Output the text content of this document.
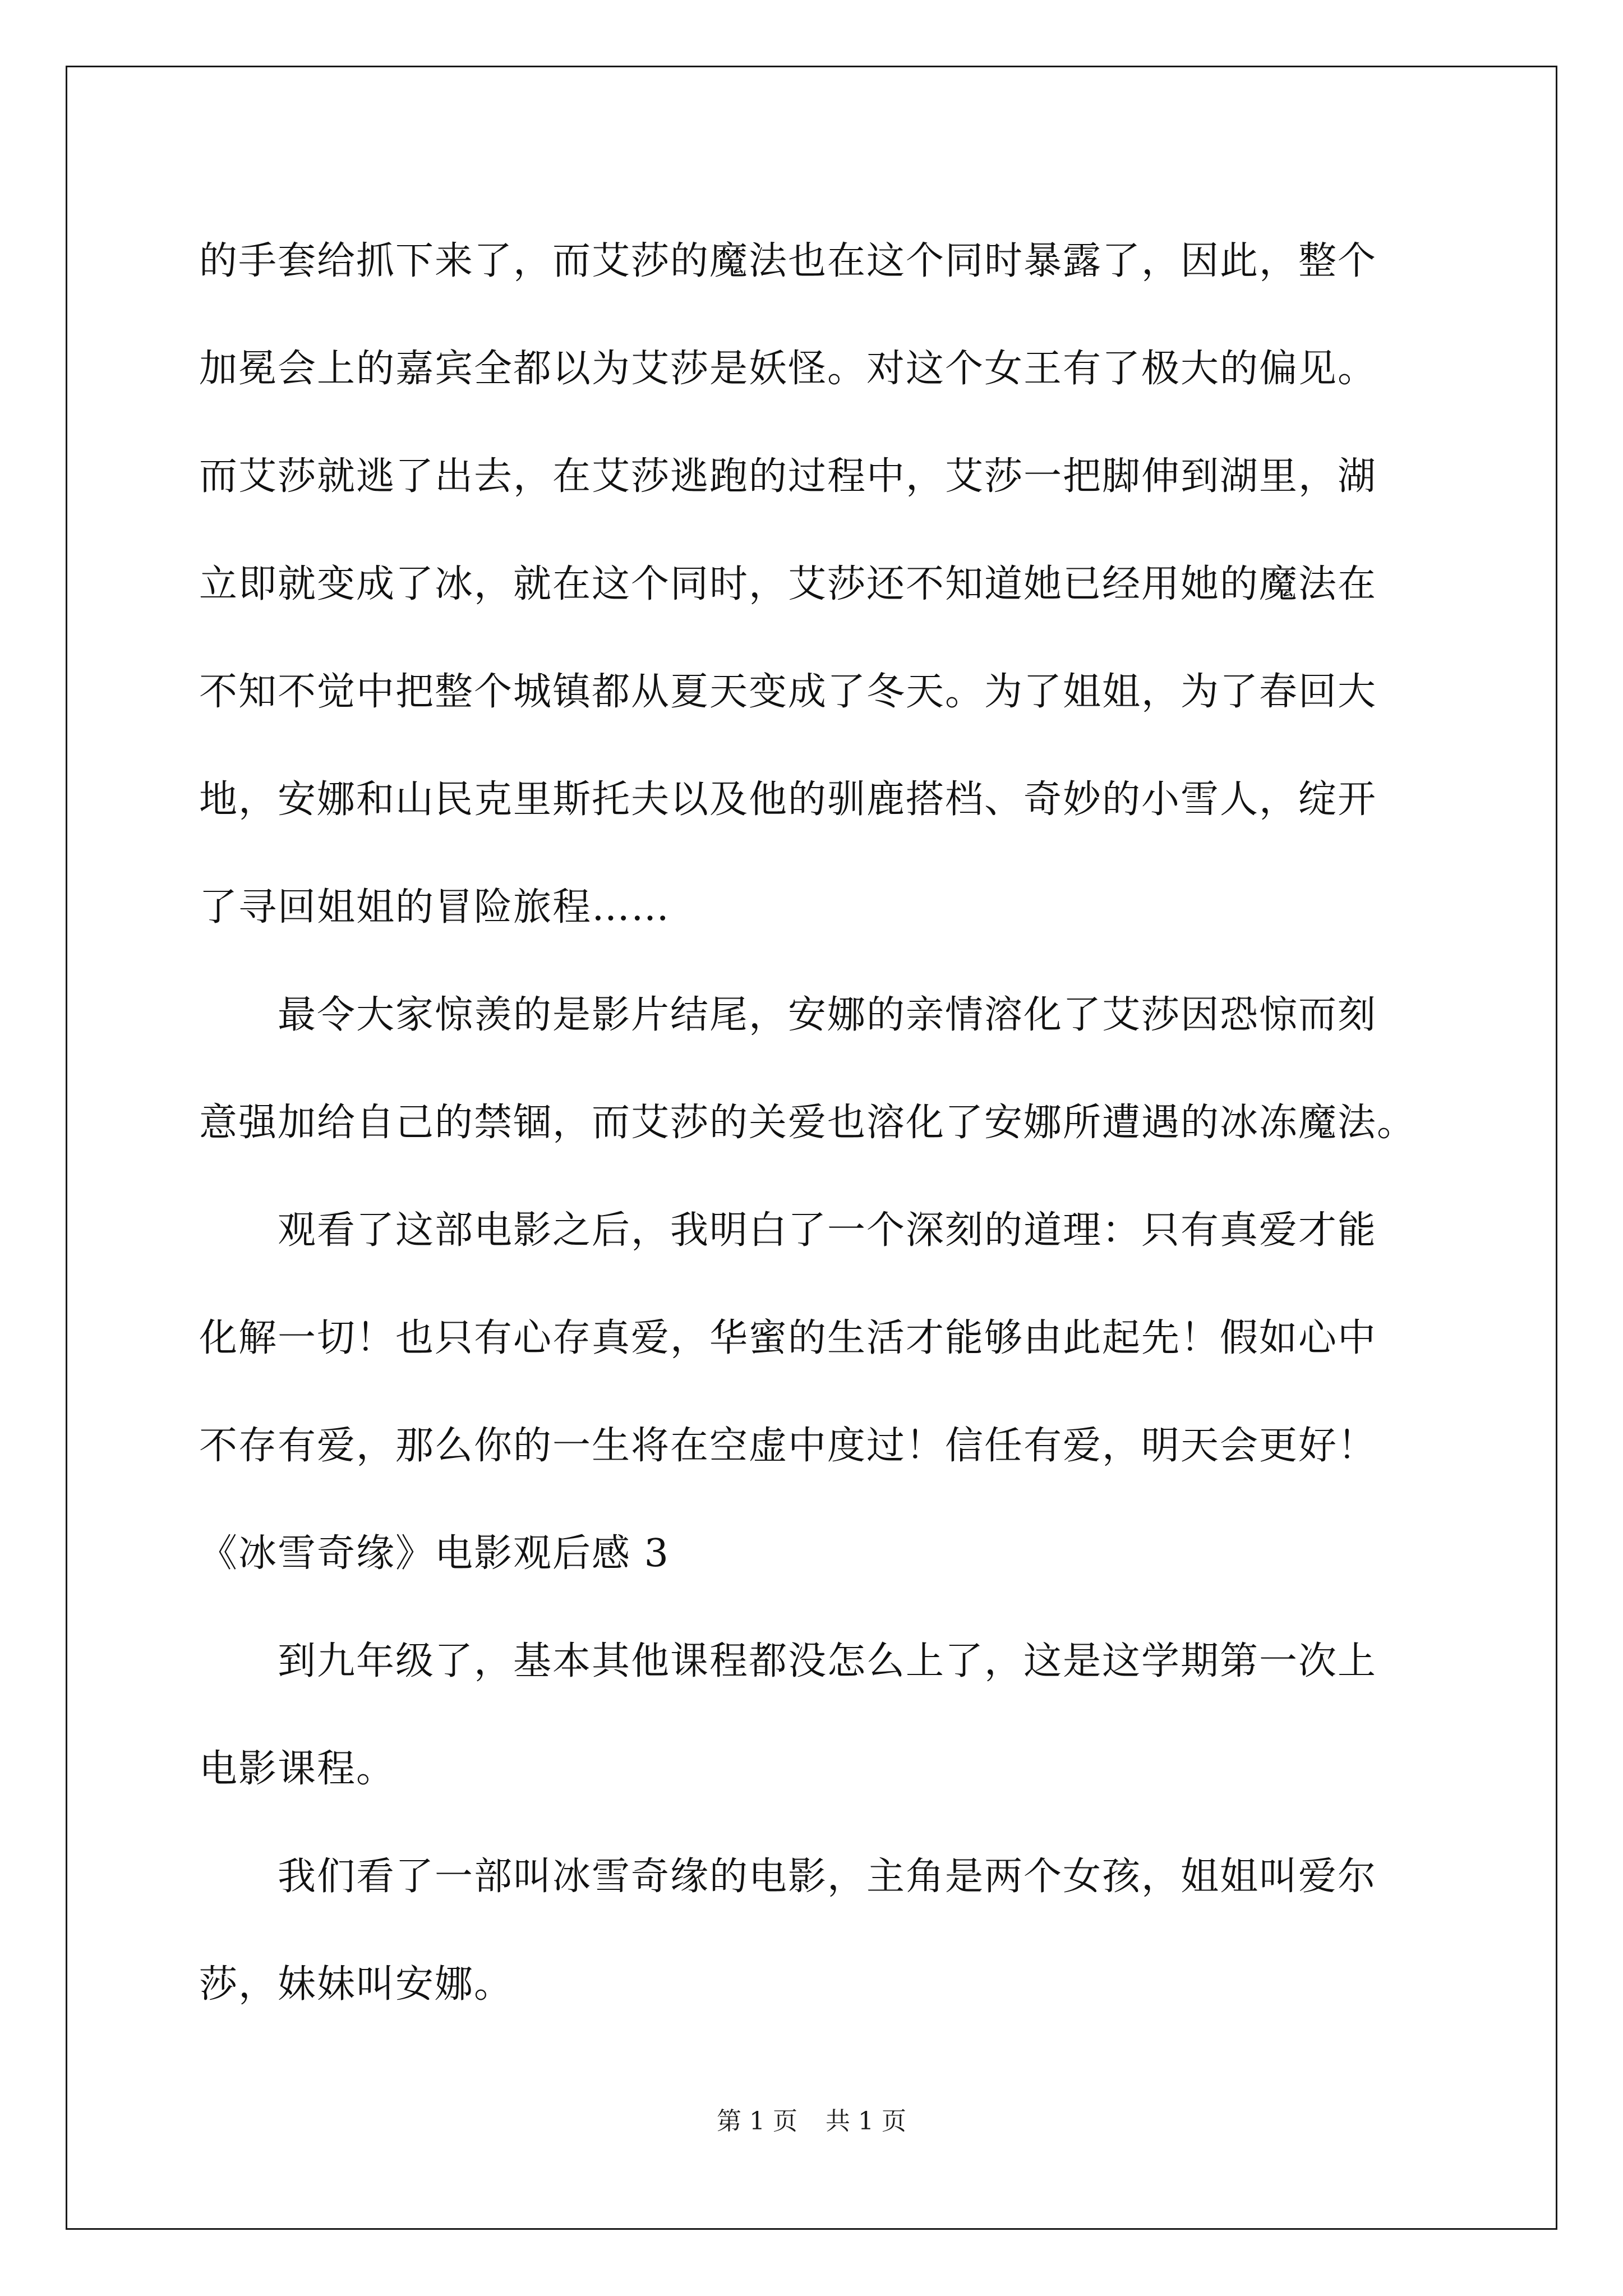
的手套给抓下来了，而艾莎的魔法也在这个同时暴露了，因此，整个
加冕会上的嘉宾全都以为艾莎是妖怪。对这个女王有了极大的偏见。
而艾莎就逃了出去，在艾莎逃跑的过程中，艾莎一把脚伸到湖里，湖
立即就变成了冰，就在这个同时，艾莎还不知道她已经用她的魔法在
不知不觉中把整个城镇都从夏天变成了冬天。为了姐姐，为了春回大
地，安娜和山民克里斯托夫以及他的驯鹿搭档、奇妙的小雪人，绽开
了寻回姐姐的冒险旅程……
最令大家惊羡的是影片结尾，安娜的亲情溶化了艾莎因恐惊而刻
意强加给自己的禁锢，而艾莎的关爱也溶化了安娜所遭遇的冰冻魔法。
观看了这部电影之后，我明白了一个深刻的道理：只有真爱才能
化解一切！也只有心存真爱，华蜜的生活才能够由此起先！假如心中
不存有爱，那么你的一生将在空虚中度过！信任有爱，明天会更好！
《冰雪奇缘》电影观后感 3
到九年级了，基本其他课程都没怎么上了，这是这学期第一次上
电影课程。
我们看了一部叫冰雪奇缘的电影，主角是两个女孩，姐姐叫爱尔
莎，妹妹叫安娜。
第 1 页 共 1 页
